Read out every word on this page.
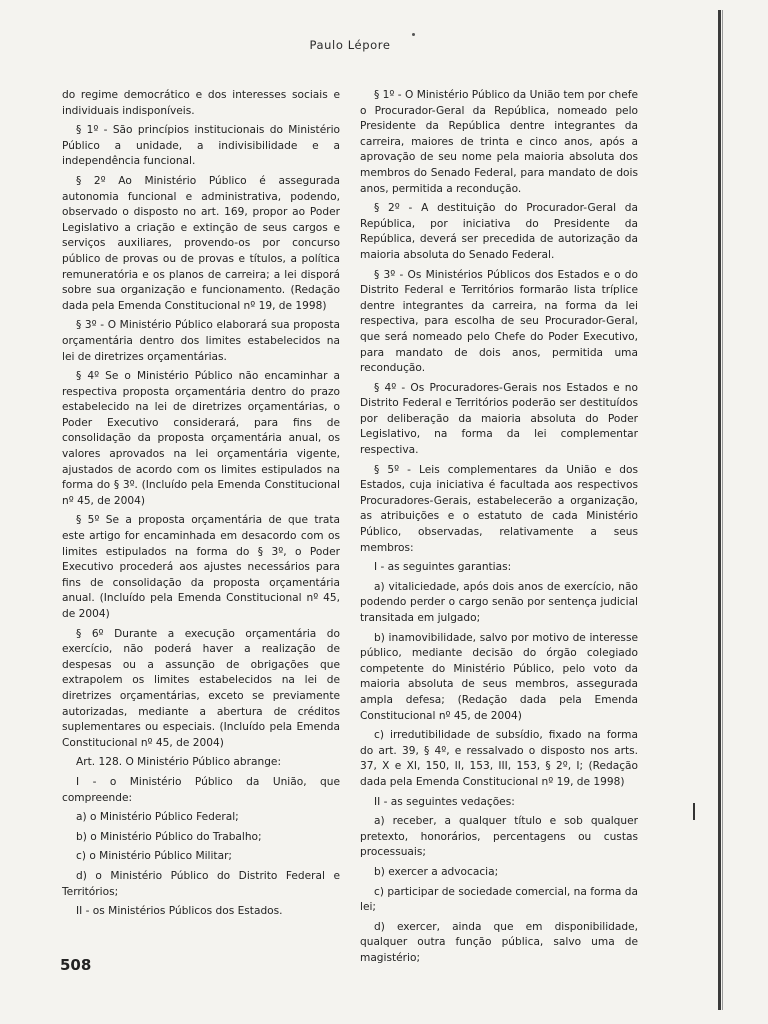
Paulo Lépore

do regime democrático e dos interesses sociais e individuais indisponíveis.

§ 1º - São princípios institucionais do Ministério Público a unidade, a indivisibilidade e a independência funcional.

§ 2º Ao Ministério Público é assegurada autonomia funcional e administrativa, podendo, observado o disposto no art. 169, propor ao Poder Legislativo a criação e extinção de seus cargos e serviços auxiliares, provendo-os por concurso público de provas ou de provas e títulos, a política remuneratória e os planos de carreira; a lei disporá sobre sua organização e funcionamento. (Redação dada pela Emenda Constitucional nº 19, de 1998)

§ 3º - O Ministério Público elaborará sua proposta orçamentária dentro dos limites estabelecidos na lei de diretrizes orçamentárias.

§ 4º Se o Ministério Público não encaminhar a respectiva proposta orçamentária dentro do prazo estabelecido na lei de diretrizes orçamentárias, o Poder Executivo considerará, para fins de consolidação da proposta orçamentária anual, os valores aprovados na lei orçamentária vigente, ajustados de acordo com os limites estipulados na forma do § 3º. (Incluído pela Emenda Constitucional nº 45, de 2004)

§ 5º Se a proposta orçamentária de que trata este artigo for encaminhada em desacordo com os limites estipulados na forma do § 3º, o Poder Executivo procederá aos ajustes necessários para fins de consolidação da proposta orçamentária anual. (Incluído pela Emenda Constitucional nº 45, de 2004)

§ 6º Durante a execução orçamentária do exercício, não poderá haver a realização de despesas ou a assunção de obrigações que extrapolem os limites estabelecidos na lei de diretrizes orçamentárias, exceto se previamente autorizadas, mediante a abertura de créditos suplementares ou especiais. (Incluído pela Emenda Constitucional nº 45, de 2004)

Art. 128. O Ministério Público abrange:

I - o Ministério Público da União, que compreende:

a) o Ministério Público Federal;

b) o Ministério Público do Trabalho;

c) o Ministério Público Militar;

d) o Ministério Público do Distrito Federal e Territórios;

II - os Ministérios Públicos dos Estados.

§ 1º - O Ministério Público da União tem por chefe o Procurador-Geral da República, nomeado pelo Presidente da República dentre integrantes da carreira, maiores de trinta e cinco anos, após a aprovação de seu nome pela maioria absoluta dos membros do Senado Federal, para mandato de dois anos, permitida a recondução.

§ 2º - A destituição do Procurador-Geral da República, por iniciativa do Presidente da República, deverá ser precedida de autorização da maioria absoluta do Senado Federal.

§ 3º - Os Ministérios Públicos dos Estados e o do Distrito Federal e Territórios formarão lista tríplice dentre integrantes da carreira, na forma da lei respectiva, para escolha de seu Procurador-Geral, que será nomeado pelo Chefe do Poder Executivo, para mandato de dois anos, permitida uma recondução.

§ 4º - Os Procuradores-Gerais nos Estados e no Distrito Federal e Territórios poderão ser destituídos por deliberação da maioria absoluta do Poder Legislativo, na forma da lei complementar respectiva.

§ 5º - Leis complementares da União e dos Estados, cuja iniciativa é facultada aos respectivos Procuradores-Gerais, estabelecerão a organização, as atribuições e o estatuto de cada Ministério Público, observadas, relativamente a seus membros:

I - as seguintes garantias:

a) vitaliciedade, após dois anos de exercício, não podendo perder o cargo senão por sentença judicial transitada em julgado;

b) inamovibilidade, salvo por motivo de interesse público, mediante decisão do órgão colegiado competente do Ministério Público, pelo voto da maioria absoluta de seus membros, assegurada ampla defesa; (Redação dada pela Emenda Constitucional nº 45, de 2004)

c) irredutibilidade de subsídio, fixado na forma do art. 39, § 4º, e ressalvado o disposto nos arts. 37, X e XI, 150, II, 153, III, 153, § 2º, I; (Redação dada pela Emenda Constitucional nº 19, de 1998)

II - as seguintes vedações:

a) receber, a qualquer título e sob qualquer pretexto, honorários, percentagens ou custas processuais;

b) exercer a advocacia;

c) participar de sociedade comercial, na forma da lei;

d) exercer, ainda que em disponibilidade, qualquer outra função pública, salvo uma de magistério;

508
